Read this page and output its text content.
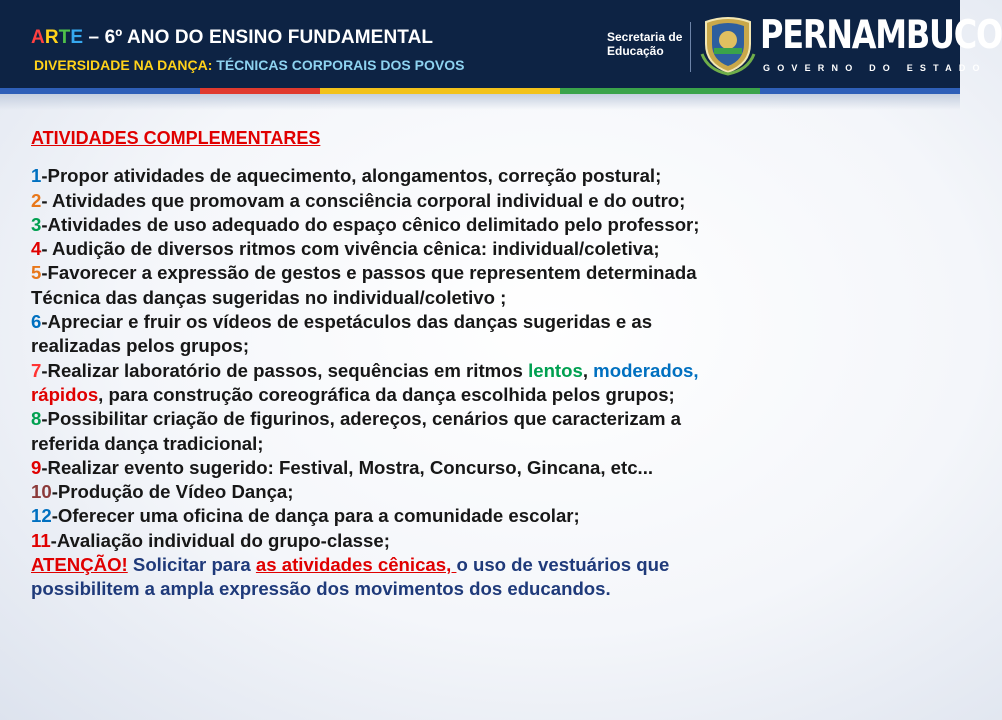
ARTE – 6º ANO DO ENSINO FUNDAMENTAL
DIVERSIDADE NA DANÇA: TÉCNICAS CORPORAIS DOS POVOS
Secretaria de
Educação	PERNAMBUCO
GOVERNO DO ESTADO
ATIVIDADES COMPLEMENTARES
1-Propor atividades de aquecimento, alongamentos, correção postural;
2- Atividades que promovam a consciência corporal individual e do outro;
3-Atividades de uso adequado do espaço cênico delimitado pelo professor;
4- Audição de diversos ritmos com vivência cênica: individual/coletiva;
5-Favorecer a expressão de gestos e passos que representem determinada
Técnica das danças sugeridas no individual/coletivo ;
6-Apreciar e fruir os vídeos de espetáculos das danças sugeridas e as
realizadas pelos grupos;
7-Realizar laboratório de passos, sequências em ritmos lentos, moderados,
rápidos, para construção coreográfica da dança escolhida pelos grupos;
8-Possibilitar criação de figurinos, adereços, cenários que caracterizam a
referida dança tradicional;
9-Realizar evento sugerido: Festival, Mostra, Concurso, Gincana, etc...
10-Produção de Vídeo Dança;
12-Oferecer uma oficina de dança para a comunidade escolar;
11-Avaliação individual do grupo-classe;
ATENÇÃO! Solicitar para as atividades cênicas, o uso de vestuários que
possibilitem a ampla expressão dos movimentos dos educandos.
